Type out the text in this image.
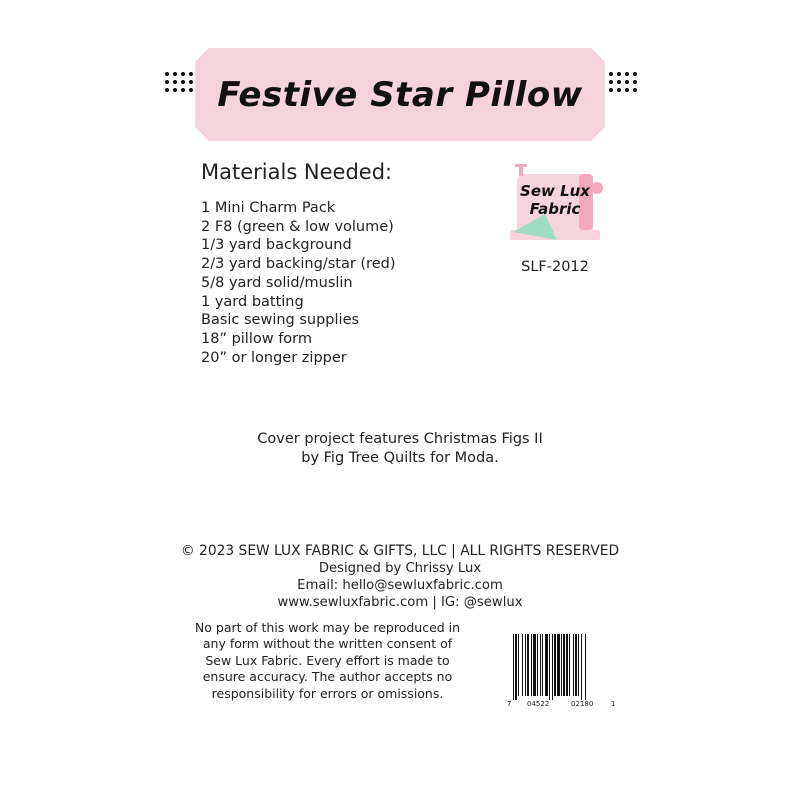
Festive Star Pillow
Materials Needed:
1 Mini Charm Pack
2 F8 (green & low volume)
1/3 yard background
2/3 yard backing/star (red)
5/8 yard solid/muslin
1 yard batting
Basic sewing supplies
18” pillow form
20” or longer zipper
Sew Lux
Fabric
SLF-2012
Cover project features Christmas Figs II
by Fig Tree Quilts for Moda.
© 2023 SEW LUX FABRIC & GIFTS, LLC | ALL RIGHTS RESERVED
Designed by Chrissy Lux
Email: hello@sewluxfabric.com
www.sewluxfabric.com | IG: @sewlux
No part of this work may be reproduced in any form without the written consent of Sew Lux Fabric. Every effort is made to ensure accuracy. The author accepts no responsibility for errors or omissions.
7 04522	02180	1
